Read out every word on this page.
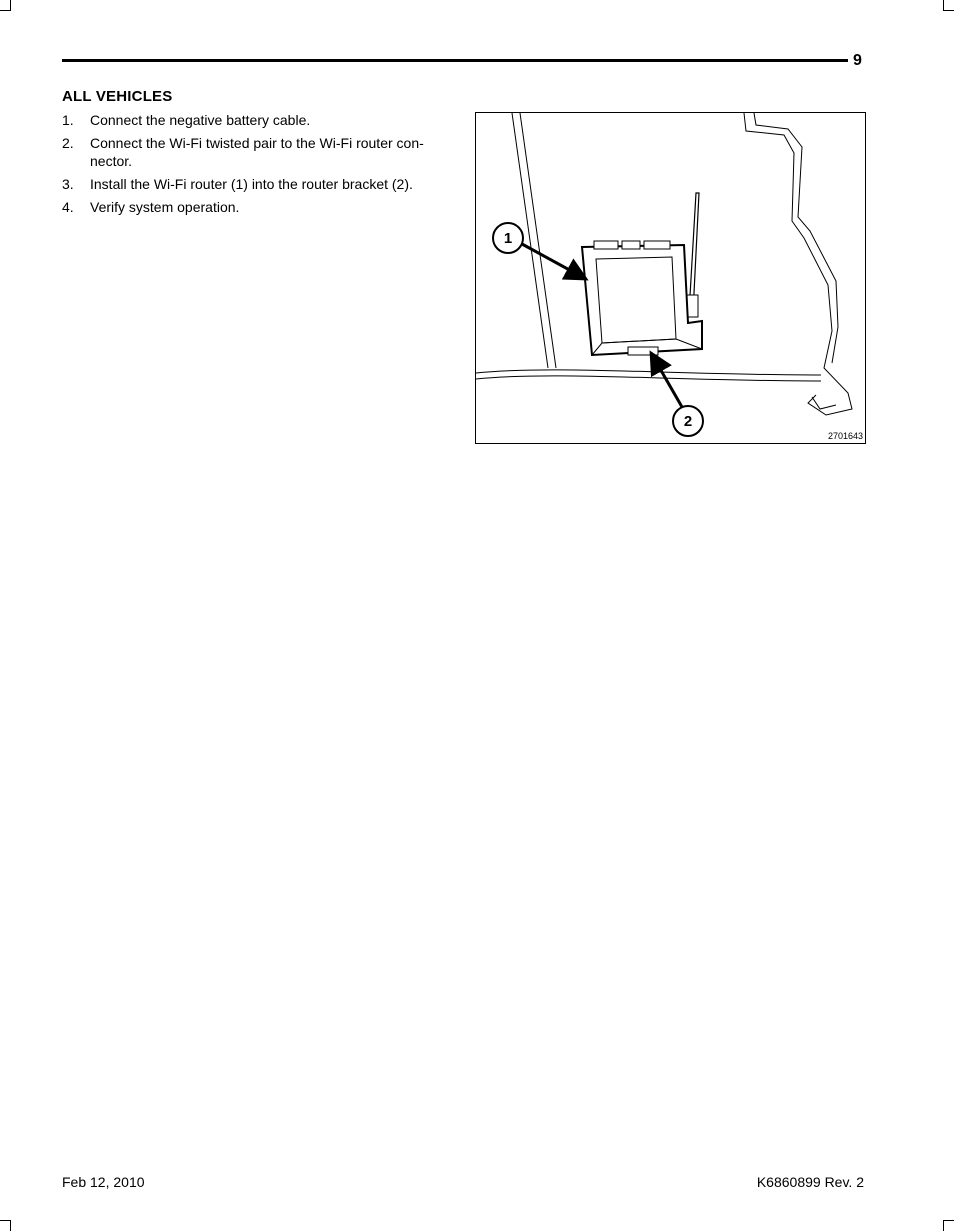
9
ALL VEHICLES
1. Connect the negative battery cable.
2. Connect the Wi-Fi twisted pair to the Wi-Fi router con-nector.
3. Install the Wi-Fi router (1) into the router bracket (2).
4. Verify system operation.
1
2
2701643
Feb 12, 2010	K6860899 Rev. 2
